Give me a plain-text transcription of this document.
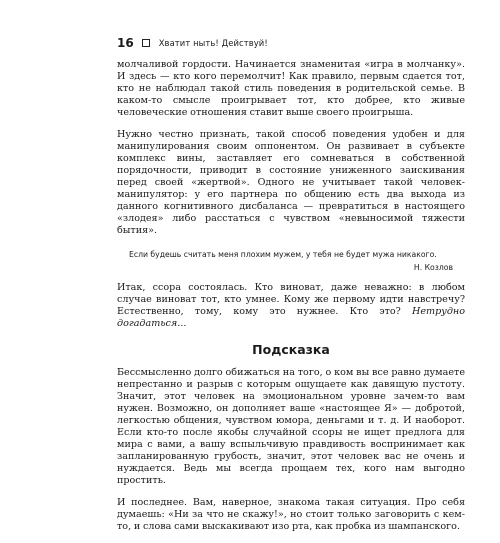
16	Хватит ныть! Действуй!

молчаливой гордости. Начинается знаменитая «игра в молчанку». И здесь — кто кого перемолчит! Как правило, первым сдается тот, кто не наблюдал такой стиль поведения в родительской семье. В каком-то смысле проигрывает тот, кто добрее, кто живые человеческие отношения ставит выше своего проигрыша.

Нужно честно признать, такой способ поведения удобен и для манипулирования своим оппонентом. Он развивает в субъекте комплекс вины, заставляет его сомневаться в собственной порядочности, приводит в состояние униженного заискивания перед своей «жертвой». Одного не учитывает такой человек-манипулятор: у его партнера по общению есть два выхода из данного когнитивного дисбаланса — превратиться в настоящего «злодея» либо расстаться с чувством «невыносимой тяжести бытия».

Если будешь считать меня плохим мужем, у тебя не будет мужа никакого.
Н. Козлов

Итак, ссора состоялась. Кто виноват, даже неважно: в любом случае виноват тот, кто умнее. Кому же первому идти навстречу? Естественно, тому, кому это нужнее. Кто это? Нетрудно догадаться...

Подсказка

Бессмысленно долго обижаться на того, о ком вы все равно думаете непрестанно и разрыв с которым ощущаете как давящую пустоту. Значит, этот человек на эмоциональном уровне зачем-то вам нужен. Возможно, он дополняет ваше «настоящее Я» — добротой, легкостью общения, чувством юмора, деньгами и т. д. И наоборот. Если кто-то после якобы случайной ссоры не ищет предлога для мира с вами, а вашу вспыльчивую правдивость воспринимает как запланированную грубость, значит, этот человек вас не очень и нуждается. Ведь мы всегда прощаем тех, кого нам выгодно простить.

И последнее. Вам, наверное, знакома такая ситуация. Про себя думаешь: «Ни за что не скажу!», но стоит только заговорить с кем-то, и слова сами выскакивают изо рта, как пробка из шампанского.
